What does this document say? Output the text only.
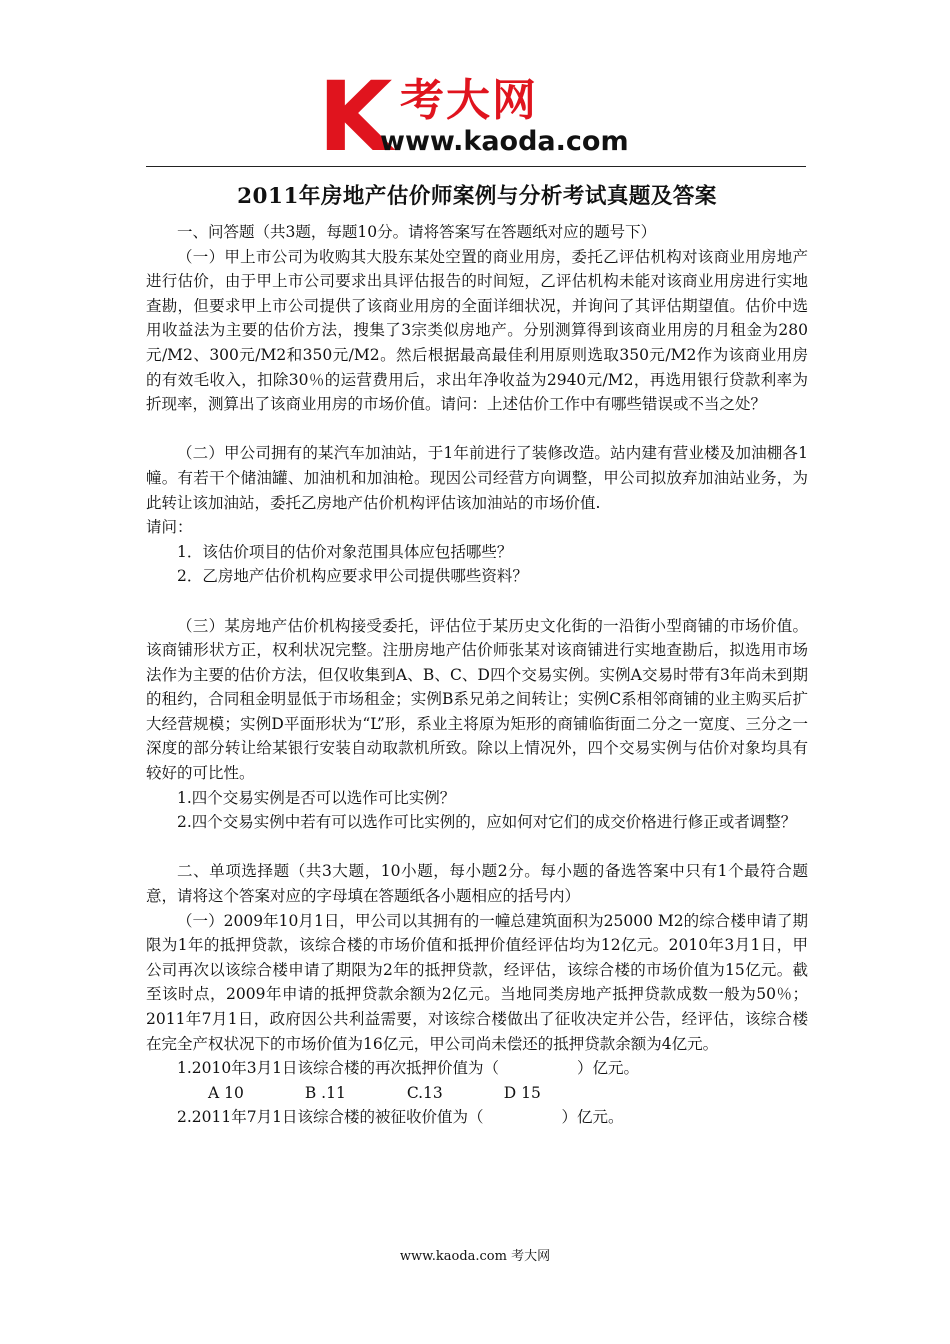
K 考大网
www.kaoda.com

2011年房地产估价师案例与分析考试真题及答案

一、问答题（共3题，每题10分。请将答案写在答题纸对应的题号下）

（一）甲上市公司为收购其大股东某处空置的商业用房，委托乙评估机构对该商业用房地产进行估价，由于甲上市公司要求出具评估报告的时间短，乙评估机构未能对该商业用房进行实地查勘，但要求甲上市公司提供了该商业用房的全面详细状况，并询问了其评估期望值。估价中选用收益法为主要的估价方法，搜集了3宗类似房地产。分别测算得到该商业用房的月租金为280元/M2、300元/M2和350元/M2。然后根据最高最佳利用原则选取350元/M2作为该商业用房的有效毛收入，扣除30％的运营费用后，求出年净收益为2940元/M2，再选用银行贷款利率为折现率，测算出了该商业用房的市场价值。请问：上述估价工作中有哪些错误或不当之处？

（二）甲公司拥有的某汽车加油站，于1年前进行了装修改造。站内建有营业楼及加油棚各1幢。有若干个储油罐、加油机和加油枪。现因公司经营方向调整，甲公司拟放弃加油站业务，为此转让该加油站，委托乙房地产估价机构评估该加油站的市场价值.

请问：

1．该估价项目的估价对象范围具体应包括哪些？

2．乙房地产估价机构应要求甲公司提供哪些资料？

（三）某房地产估价机构接受委托，评估位于某历史文化街的一沿街小型商铺的市场价值。该商铺形状方正，权利状况完整。注册房地产估价师张某对该商铺进行实地查勘后，拟选用市场法作为主要的估价方法，但仅收集到A、B、C、D四个交易实例。实例A交易时带有3年尚未到期的租约，合同租金明显低于市场租金；实例B系兄弟之间转让；实例C系相邻商铺的业主购买后扩大经营规模；实例D平面形状为“L”形，系业主将原为矩形的商铺临街面二分之一宽度、三分之一深度的部分转让给某银行安装自动取款机所致。除以上情况外，四个交易实例与估价对象均具有较好的可比性。

1.四个交易实例是否可以选作可比实例？

2.四个交易实例中若有可以选作可比实例的，应如何对它们的成交价格进行修正或者调整？

二、单项选择题（共3大题，10小题，每小题2分。每小题的备选答案中只有1个最符合题意，请将这个答案对应的字母填在答题纸各小题相应的括号内）

（一）2009年10月1日，甲公司以其拥有的一幢总建筑面积为25000 M2的综合楼申请了期限为1年的抵押贷款，该综合楼的市场价值和抵押价值经评估均为12亿元。2010年3月1日，甲公司再次以该综合楼申请了期限为2年的抵押贷款，经评估，该综合楼的市场价值为15亿元。截至该时点，2009年申请的抵押贷款余额为2亿元。当地同类房地产抵押贷款成数一般为50％；2011年7月1日，政府因公共利益需要，对该综合楼做出了征收决定并公告，经评估，该综合楼在完全产权状况下的市场价值为16亿元，甲公司尚未偿还的抵押贷款余额为4亿元。

1.2010年3月1日该综合楼的再次抵押价值为（	）亿元。

A 10	B .11	C.13	D 15

2.2011年7月1日该综合楼的被征收价值为（	）亿元。

www.kaoda.com 考大网
